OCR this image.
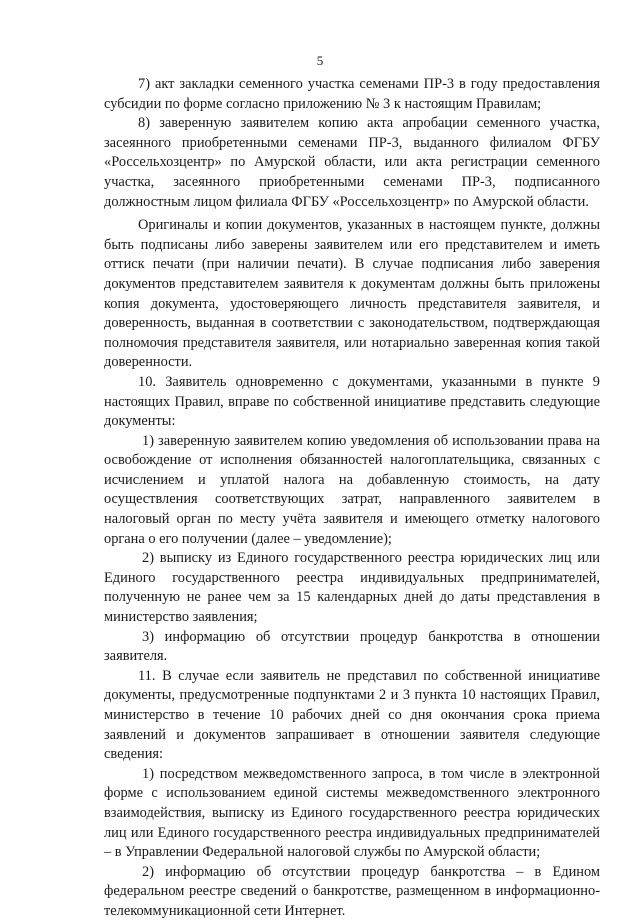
5

7) акт закладки семенного участка семенами ПР-3 в году предоставления субсидии по форме согласно приложению № 3 к настоящим Правилам;

8) заверенную заявителем копию акта апробации семенного участка, засеянного приобретенными семенами ПР-3, выданного филиалом ФГБУ «Россельхозцентр» по Амурской области, или акта регистрации семенного участка, засеянного приобретенными семенами ПР-3, подписанного должностным лицом филиала ФГБУ «Россельхозцентр» по Амурской области.

Оригиналы и копии документов, указанных в настоящем пункте, должны быть подписаны либо заверены заявителем или его представителем и иметь оттиск печати (при наличии печати). В случае подписания либо заверения документов представителем заявителя к документам должны быть приложены копия документа, удостоверяющего личность представителя заявителя, и доверенность, выданная в соответствии с законодательством, подтверждающая полномочия представителя заявителя, или нотариально заверенная копия такой доверенности.

10. Заявитель одновременно с документами, указанными в пункте 9 настоящих Правил, вправе по собственной инициативе представить следующие документы:

1) заверенную заявителем копию уведомления об использовании права на освобождение от исполнения обязанностей налогоплательщика, связанных с исчислением и уплатой налога на добавленную стоимость, на дату осуществления соответствующих затрат, направленного заявителем в налоговый орган по месту учёта заявителя и имеющего отметку налогового органа о его получении (далее – уведомление);

2) выписку из Единого государственного реестра юридических лиц или Единого государственного реестра индивидуальных предпринимателей, полученную не ранее чем за 15 календарных дней до даты представления в министерство заявления;

3) информацию об отсутствии процедур банкротства в отношении заявителя.

11. В случае если заявитель не представил по собственной инициативе документы, предусмотренные подпунктами 2 и 3 пункта 10 настоящих Правил, министерство в течение 10 рабочих дней со дня окончания срока приема заявлений и документов запрашивает в отношении заявителя следующие сведения:

1) посредством межведомственного запроса, в том числе в электронной форме с использованием единой системы межведомственного электронного взаимодействия, выписку из Единого государственного реестра юридических лиц или Единого государственного реестра индивидуальных предпринимателей – в Управлении Федеральной налоговой службы по Амурской области;

2) информацию об отсутствии процедур банкротства – в Едином федеральном реестре сведений о банкротстве, размещенном в информационно-телекоммуникационной сети Интернет.
